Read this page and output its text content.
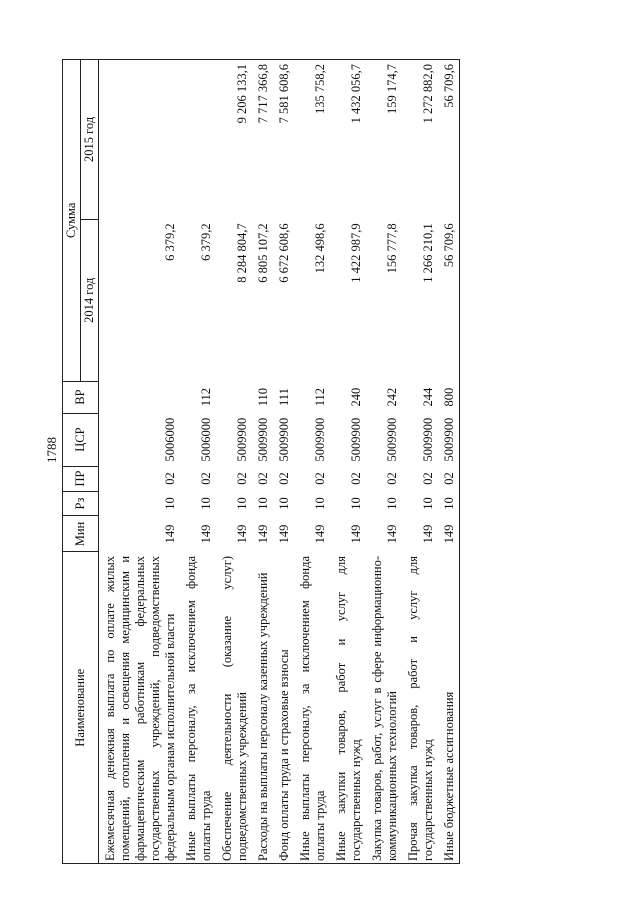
1788
Наименование	Мин	Рз	ПР	ЦСР	ВР	Сумма	
						2014 год	2015 год
Ежемесячная денежная выплата по оплате жилых помещений, отопления и освещения медицинским и фармацевтическим работникам федеральных государственных учреждений, подведомственных федеральным органам исполнительной власти	149	10	02	5006000		6 379,2	
Иные выплаты персоналу, за исключением фонда оплаты труда	149	10	02	5006000	112	6 379,2	
Обеспечение деятельности (оказание услуг) подведомственных учреждений	149	10	02	5009900		8 284 804,7	9 206 133,1
Расходы на выплаты персоналу казенных учреждений	149	10	02	5009900	110	6 805 107,2	7 717 366,8
Фонд оплаты труда и страховые взносы	149	10	02	5009900	111	6 672 608,6	7 581 608,6
Иные выплаты персоналу, за исключением фонда оплаты труда	149	10	02	5009900	112	132 498,6	135 758,2
Иные закупки товаров, работ и услуг для государственных нужд	149	10	02	5009900	240	1 422 987,9	1 432 056,7
Закупка товаров, работ, услуг в сфере информационно-коммуникационных технологий	149	10	02	5009900	242	156 777,8	159 174,7
Прочая закупка товаров, работ и услуг для государственных нужд	149	10	02	5009900	244	1 266 210,1	1 272 882,0
Иные бюджетные ассигнования	149	10	02	5009900	800	56 709,6	56 709,6
